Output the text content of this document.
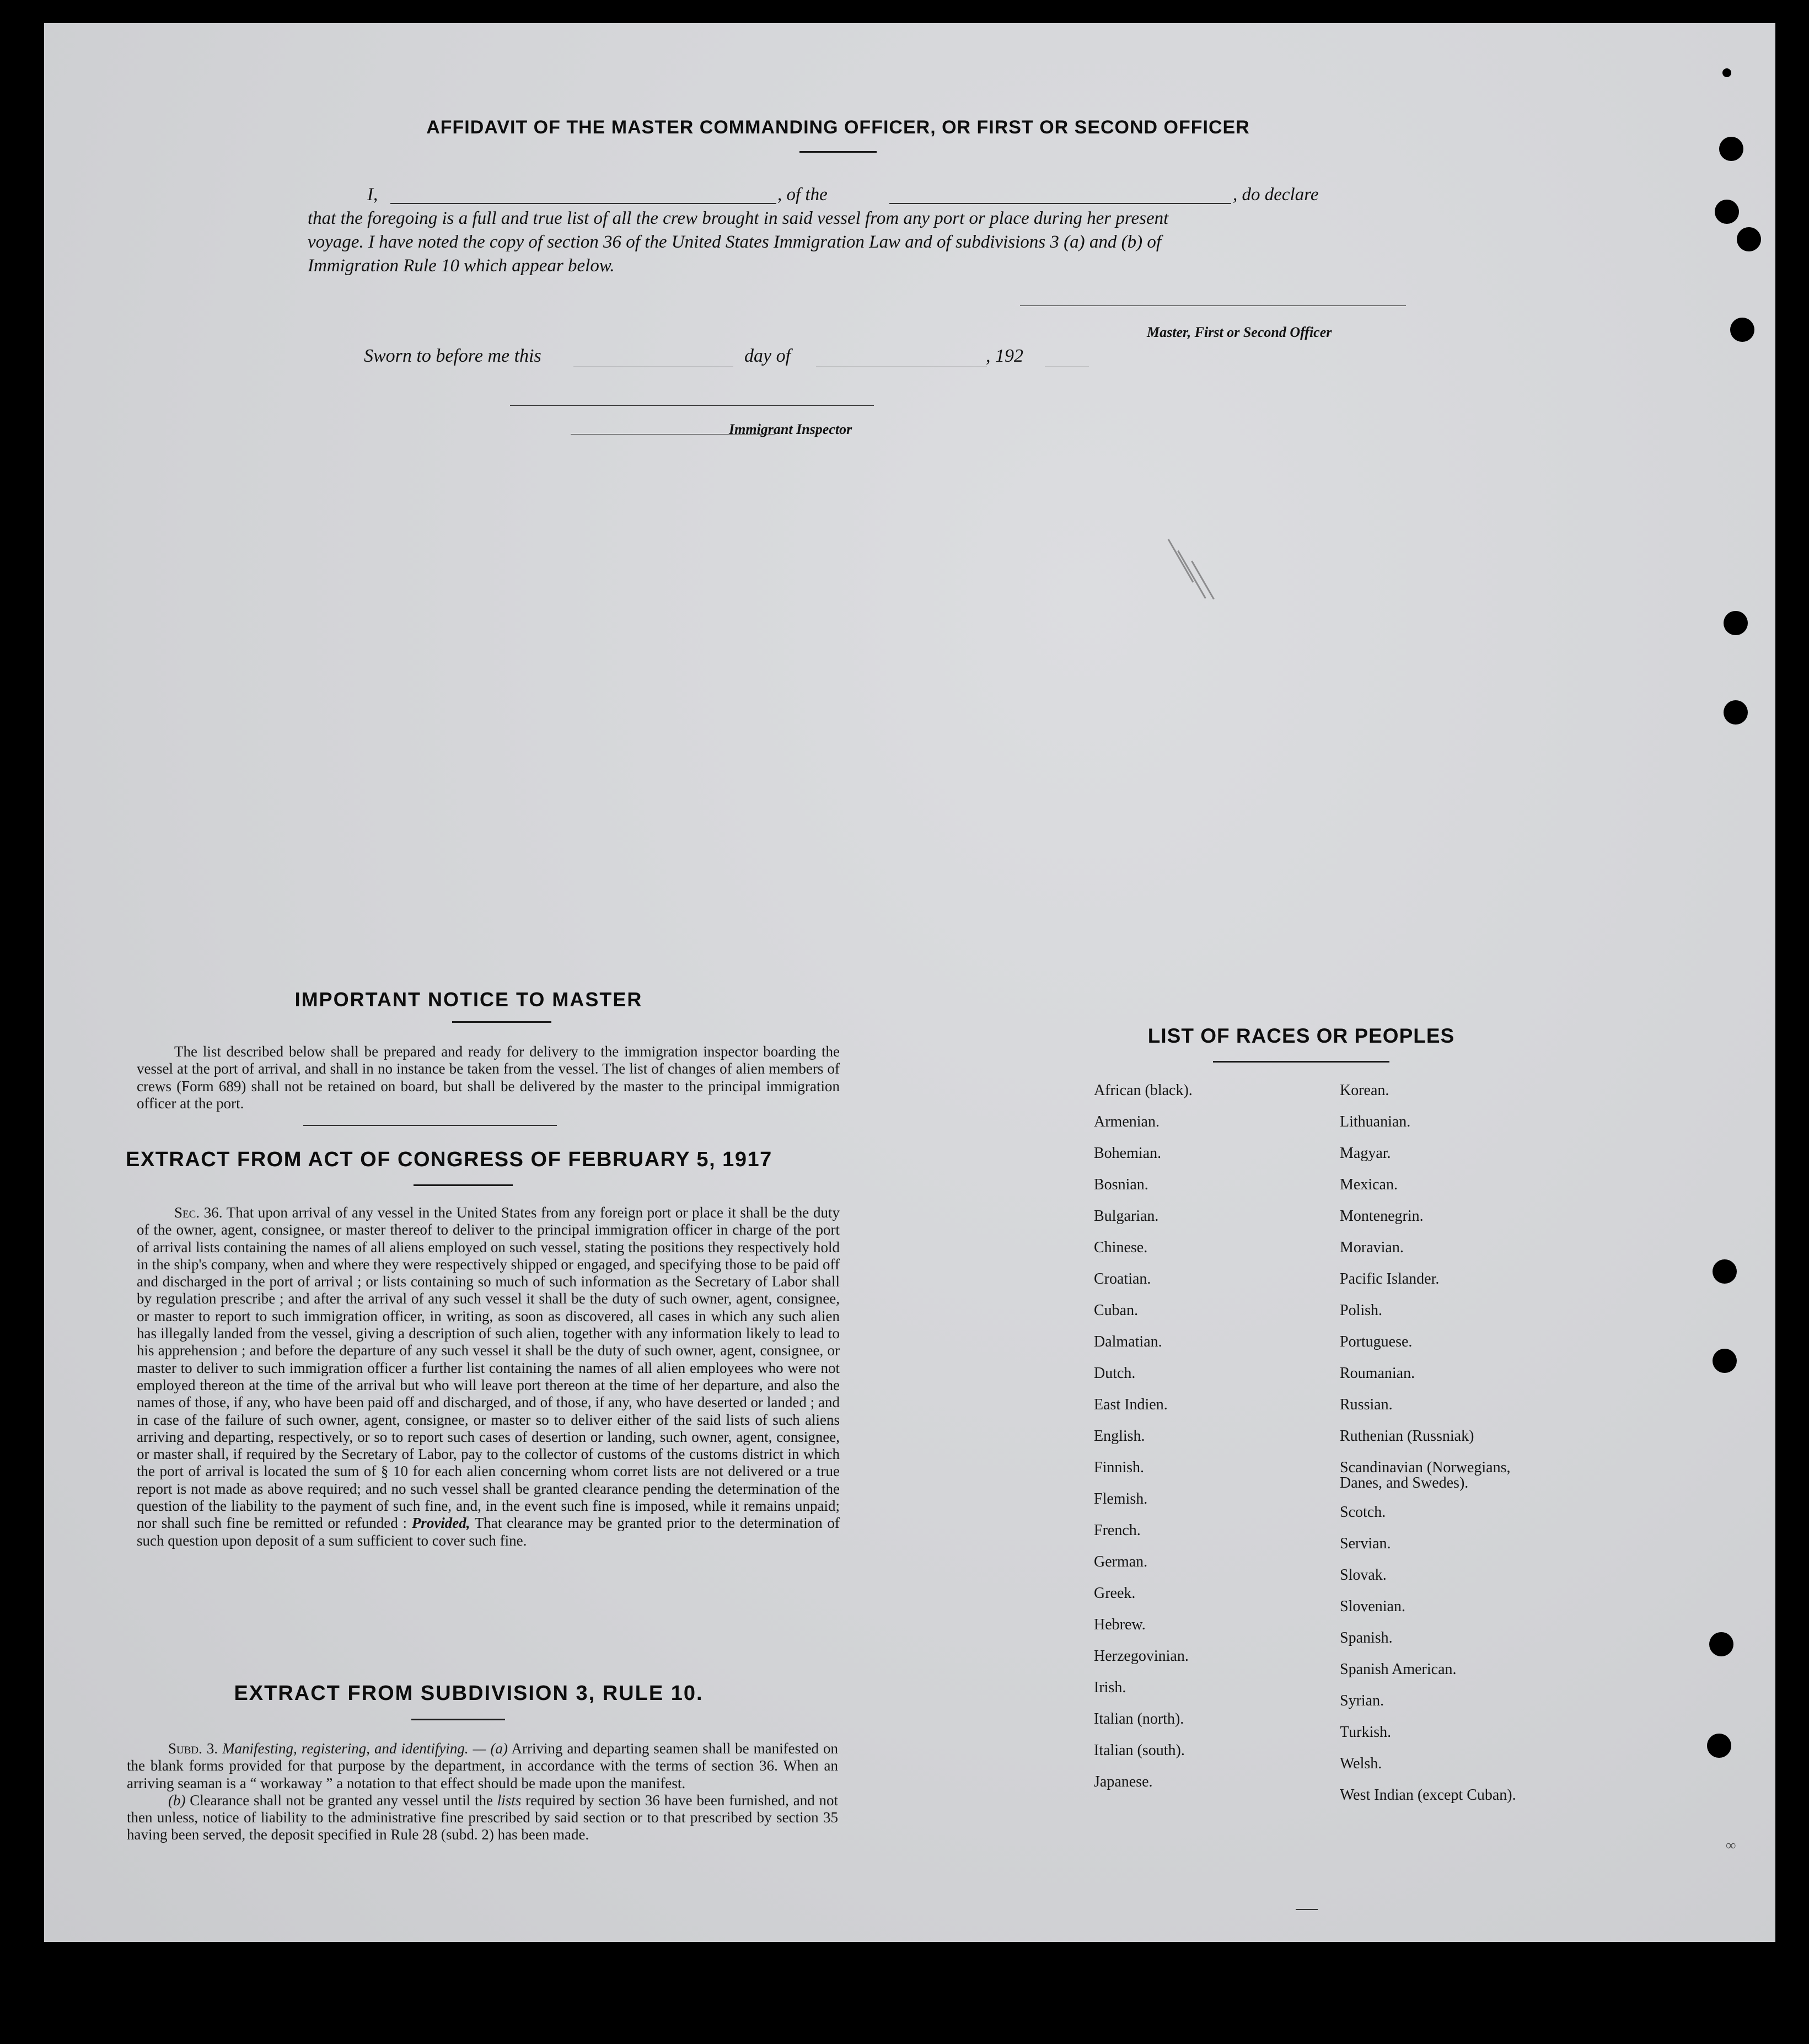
∞
AFFIDAVIT OF THE MASTER COMMANDING OFFICER, OR FIRST OR SECOND OFFICER
I,	, of the	, do declare
that the foregoing is a full and true list of all the crew brought in said vessel from any port or place during her present
voyage. I have noted the copy of section 36 of the United States Immigration Law and of subdivisions 3 (a) and (b) of
Immigration Rule 10 which appear below.
Master, First or Second Officer
Sworn to before me this	day of	, 192
Immigrant Inspector
IMPORTANT NOTICE TO MASTER
The list described below shall be prepared and ready for delivery to the immigration inspector boarding the vessel at the port of arrival, and shall in no instance be taken from the vessel. The list of changes of alien members of crews (Form 689) shall not be retained on board, but shall be delivered by the master to the principal immigration officer at the port.
EXTRACT FROM ACT OF CONGRESS OF FEBRUARY 5, 1917
Sec. 36. That upon arrival of any vessel in the United States from any foreign port or place it shall be the duty of the owner, agent, consignee, or master thereof to deliver to the principal immigration officer in charge of the port of arrival lists containing the names of all aliens employed on such vessel, stating the positions they respectively hold in the ship's company, when and where they were respectively shipped or engaged, and specifying those to be paid off and discharged in the port of arrival ; or lists containing so much of such information as the Secretary of Labor shall by regulation prescribe ; and after the arrival of any such vessel it shall be the duty of such owner, agent, consignee, or master to report to such immigration officer, in writing, as soon as discovered, all cases in which any such alien has illegally landed from the vessel, giving a description of such alien, together with any information likely to lead to his apprehension ; and before the departure of any such vessel it shall be the duty of such owner, agent, consignee, or master to deliver to such immigration officer a further list containing the names of all alien employees who were not employed thereon at the time of the arrival but who will leave port thereon at the time of her departure, and also the names of those, if any, who have been paid off and discharged, and of those, if any, who have deserted or landed ; and in case of the failure of such owner, agent, consignee, or master so to deliver either of the said lists of such aliens arriving and departing, respectively, or so to report such cases of desertion or landing, such owner, agent, consignee, or master shall, if required by the Secretary of Labor, pay to the collector of customs of the customs district in which the port of arrival is located the sum of § 10 for each alien concerning whom corret lists are not delivered or a true report is not made as above required; and no such vessel shall be granted clearance pending the determination of the question of the liability to the payment of such fine, and, in the event such fine is imposed, while it remains unpaid; nor shall such fine be remitted or refunded : Provided, That clearance may be granted prior to the determination of such question upon deposit of a sum sufficient to cover such fine.
EXTRACT FROM SUBDIVISION 3, RULE 10.
Subd. 3. Manifesting, registering, and identifying. — (a) Arriving and departing seamen shall be manifested on the blank forms provided for that purpose by the department, in accordance with the terms of section 36. When an arriving seaman is a “ workaway ” a notation to that effect should be made upon the manifest.
(b) Clearance shall not be granted any vessel until the lists required by section 36 have been furnished, and not then unless, notice of liability to the administrative fine prescribed by said section or to that prescribed by section 35 having been served, the deposit specified in Rule 28 (subd. 2) has been made.
LIST OF RACES OR PEOPLES
African (black).
Armenian.
Bohemian.
Bosnian.
Bulgarian.
Chinese.
Croatian.
Cuban.
Dalmatian.
Dutch.
East Indien.
English.
Finnish.
Flemish.
French.
German.
Greek.
Hebrew.
Herzegovinian.
Irish.
Italian (north).
Italian (south).
Japanese.
Korean.
Lithuanian.
Magyar.
Mexican.
Montenegrin.
Moravian.
Pacific Islander.
Polish.
Portuguese.
Roumanian.
Russian.
Ruthenian (Russniak)
Scandinavian (Norwegians,
Danes, and Swedes).
Scotch.
Servian.
Slovak.
Slovenian.
Spanish.
Spanish American.
Syrian.
Turkish.
Welsh.
West Indian (except Cuban).
